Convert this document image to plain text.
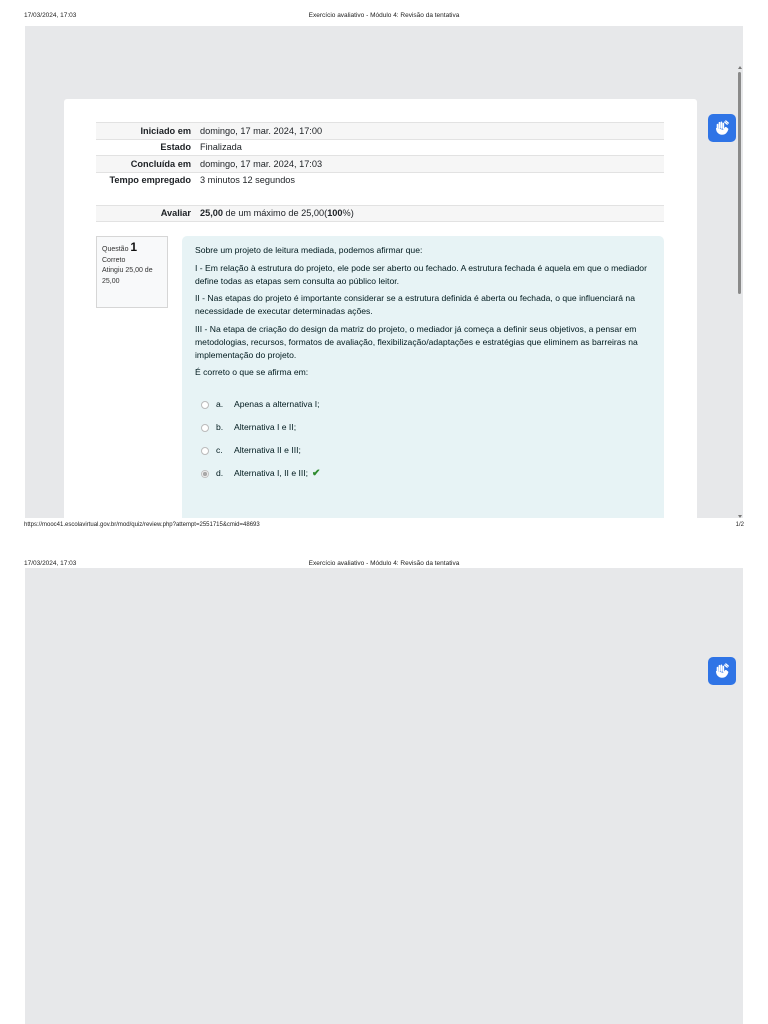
17/03/2024, 17:03	Exercício avaliativo - Módulo 4: Revisão da tentativa
Iniciado em domingo, 17 mar. 2024, 17:00
Estado Finalizada
Concluída em domingo, 17 mar. 2024, 17:03
Tempo empregado 3 minutos 12 segundos
Avaliar 25,00 de um máximo de 25,00(100%)
Questão 1
Correto
Atingiu 25,00 de 25,00

Sobre um projeto de leitura mediada, podemos afirmar que:

I - Em relação à estrutura do projeto, ele pode ser aberto ou fechado. A estrutura fechada é aquela em que o mediador define todas as etapas sem consulta ao público leitor.

II - Nas etapas do projeto é importante considerar se a estrutura definida é aberta ou fechada, o que influenciará na necessidade de executar determinadas ações.

III - Na etapa de criação do design da matriz do projeto, o mediador já começa a definir seus objetivos, a pensar em metodologias, recursos, formatos de avaliação, flexibilização/adaptações e estratégias que eliminem as barreiras na implementação do projeto.

É correto o que se afirma em:

a.	Apenas a alternativa I;
b.	Alternativa I e II;
c.	Alternativa II e III;
d.	Alternativa I, II e III; ✔
https://mooc41.escolavirtual.gov.br/mod/quiz/review.php?attempt=2551715&cmid=48693	1/2
17/03/2024, 17:03	Exercício avaliativo - Módulo 4: Revisão da tentativa
